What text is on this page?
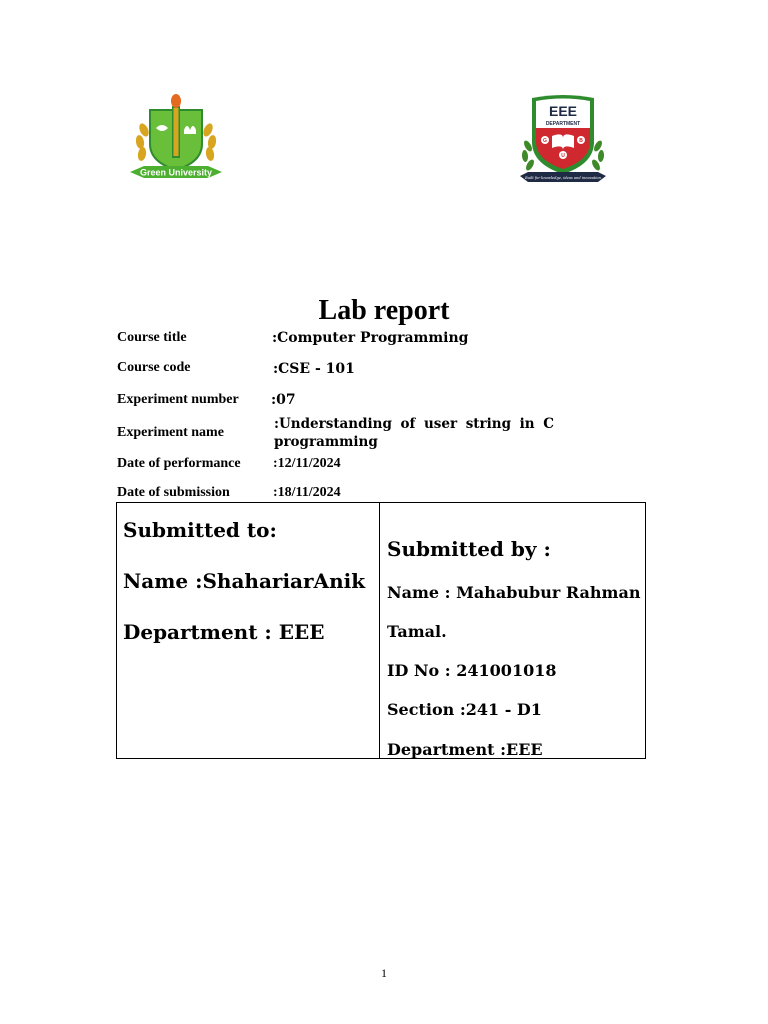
Green University
EEE
DEPARTMENT
G
U
B
Built for knowledge, ideas and innovation
Lab report
Course title	:Computer Programming
Course code	:CSE - 101
Experiment number :07
Experiment name
:Understanding of user string in C
programming
Date of performance :12/11/2024
Date of submission	:18/11/2024
Submitted to:
Name :ShahariarAnik
Department : EEE
Submitted by :
Name : Mahabubur Rahman
Tamal.
ID No : 241001018
Section :241 - D1
Department :EEE
1
